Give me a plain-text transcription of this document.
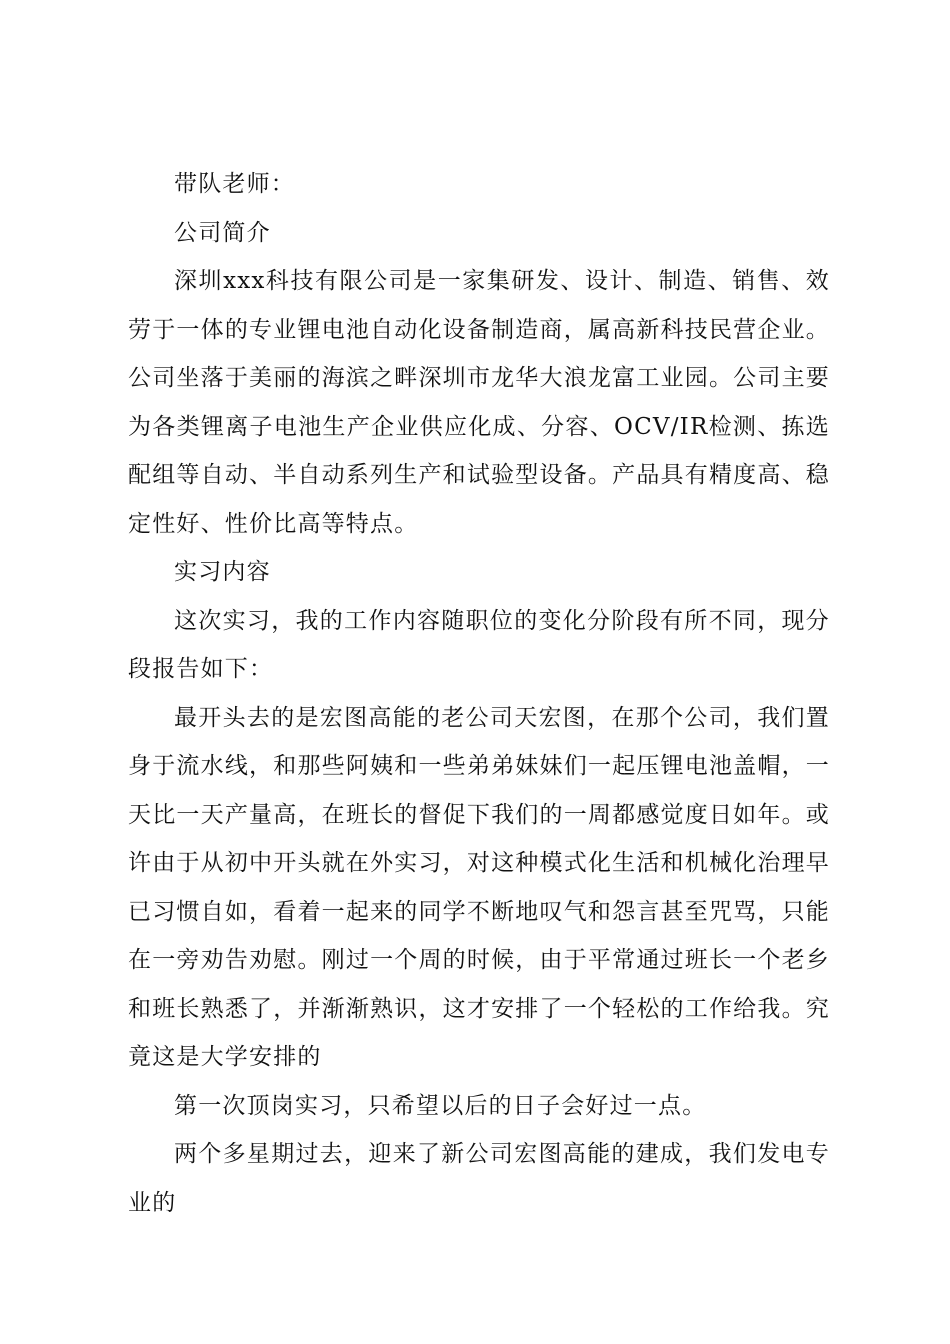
带队老师：

公司简介

深圳xxx科技有限公司是一家集研发、设计、制造、销售、效劳于一体的专业锂电池自动化设备制造商，属高新科技民营企业。公司坐落于美丽的海滨之畔深圳市龙华大浪龙富工业园。公司主要为各类锂离子电池生产企业供应化成、分容、OCV/IR检测、拣选配组等自动、半自动系列生产和试验型设备。产品具有精度高、稳定性好、性价比高等特点。

实习内容

这次实习，我的工作内容随职位的变化分阶段有所不同，现分段报告如下：

最开头去的是宏图高能的老公司天宏图，在那个公司，我们置身于流水线，和那些阿姨和一些弟弟妹妹们一起压锂电池盖帽，一天比一天产量高，在班长的督促下我们的一周都感觉度日如年。或许由于从初中开头就在外实习，对这种模式化生活和机械化治理早已习惯自如，看着一起来的同学不断地叹气和怨言甚至咒骂，只能在一旁劝告劝慰。刚过一个周的时候，由于平常通过班长一个老乡和班长熟悉了，并渐渐熟识，这才安排了一个轻松的工作给我。究竟这是大学安排的

第一次顶岗实习，只希望以后的日子会好过一点。

两个多星期过去，迎来了新公司宏图高能的建成，我们发电专业的
